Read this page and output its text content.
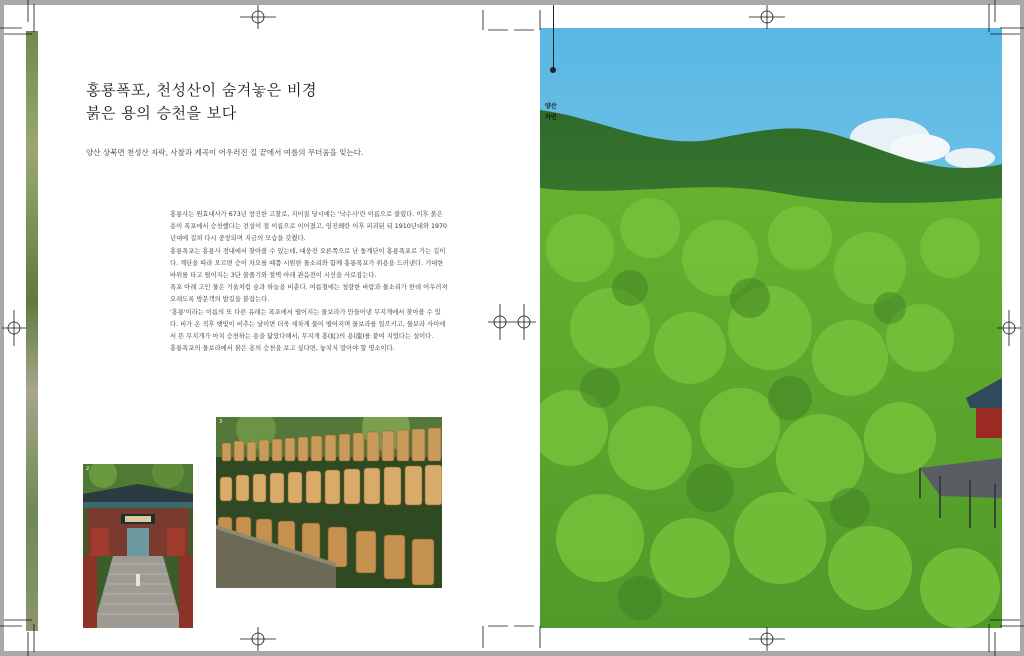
홍룡폭포, 천성산이 숨겨놓은 비경
붉은 용의 승천을 보다
양산 상북면 천성산 자락, 사찰과 계곡이 어우러진 길 끝에서 여름의 무더움을 잊는다.

홍룡사는 원효대사가 673년 창건한 고찰로, 지어질 당시에는 '낙수사'란 이름으로 불렸다. 이후 붉은 용이 폭포에서 승천했다는 전설이 절 이름으로 이어졌고, 임진왜란 이후 피괴된 뒤 1910년대와 1970년대에 걸쳐 다시 중창되며 지금의 모습을 갖췄다.

홍룡폭포는 홍룡사 경내에서 찾아볼 수 있는데, 대웅전 오른쪽으로 난 돌계단이 홍룡폭포로 가는 길이다. 계단을 따라 오르면 승이 차오를 때쯤 시원한 물소리와 함께 홍룡폭포가 위용을 드러낸다. 거대한 바위를 타고 떨어지는 3단 물줄기와 절벽 아래 관음전이 시선을 사로잡는다.

폭포 아래 고인 물은 거울처럼 숲과 하늘을 비춘다. 여름철에는 청량한 바람과 물소리가 한데 어우러져 오래도록 방문객의 발길을 붙잡는다.

'홍룡'이라는 이름의 또 다른 유래는 폭포에서 떨어지는 물보라가 만들어낸 무지개에서 찾아볼 수 있다. 비가 온 직후 햇빛이 비추는 날이면 더욱 세차게 물이 떨어지며 물보라를 일으키고, 물보라 사이에서 뜬 무지개가 마치 승천하는 용을 닮았다해서, 무지개 홍(虹)의 용(龍)를 붙여 지었다는 설이다.

홍룡폭포의 물보라에서 붉은 용의 승천을 보고 싶다면, 놓치지 말아야 할 명소이다.

2
3
양산
자연
